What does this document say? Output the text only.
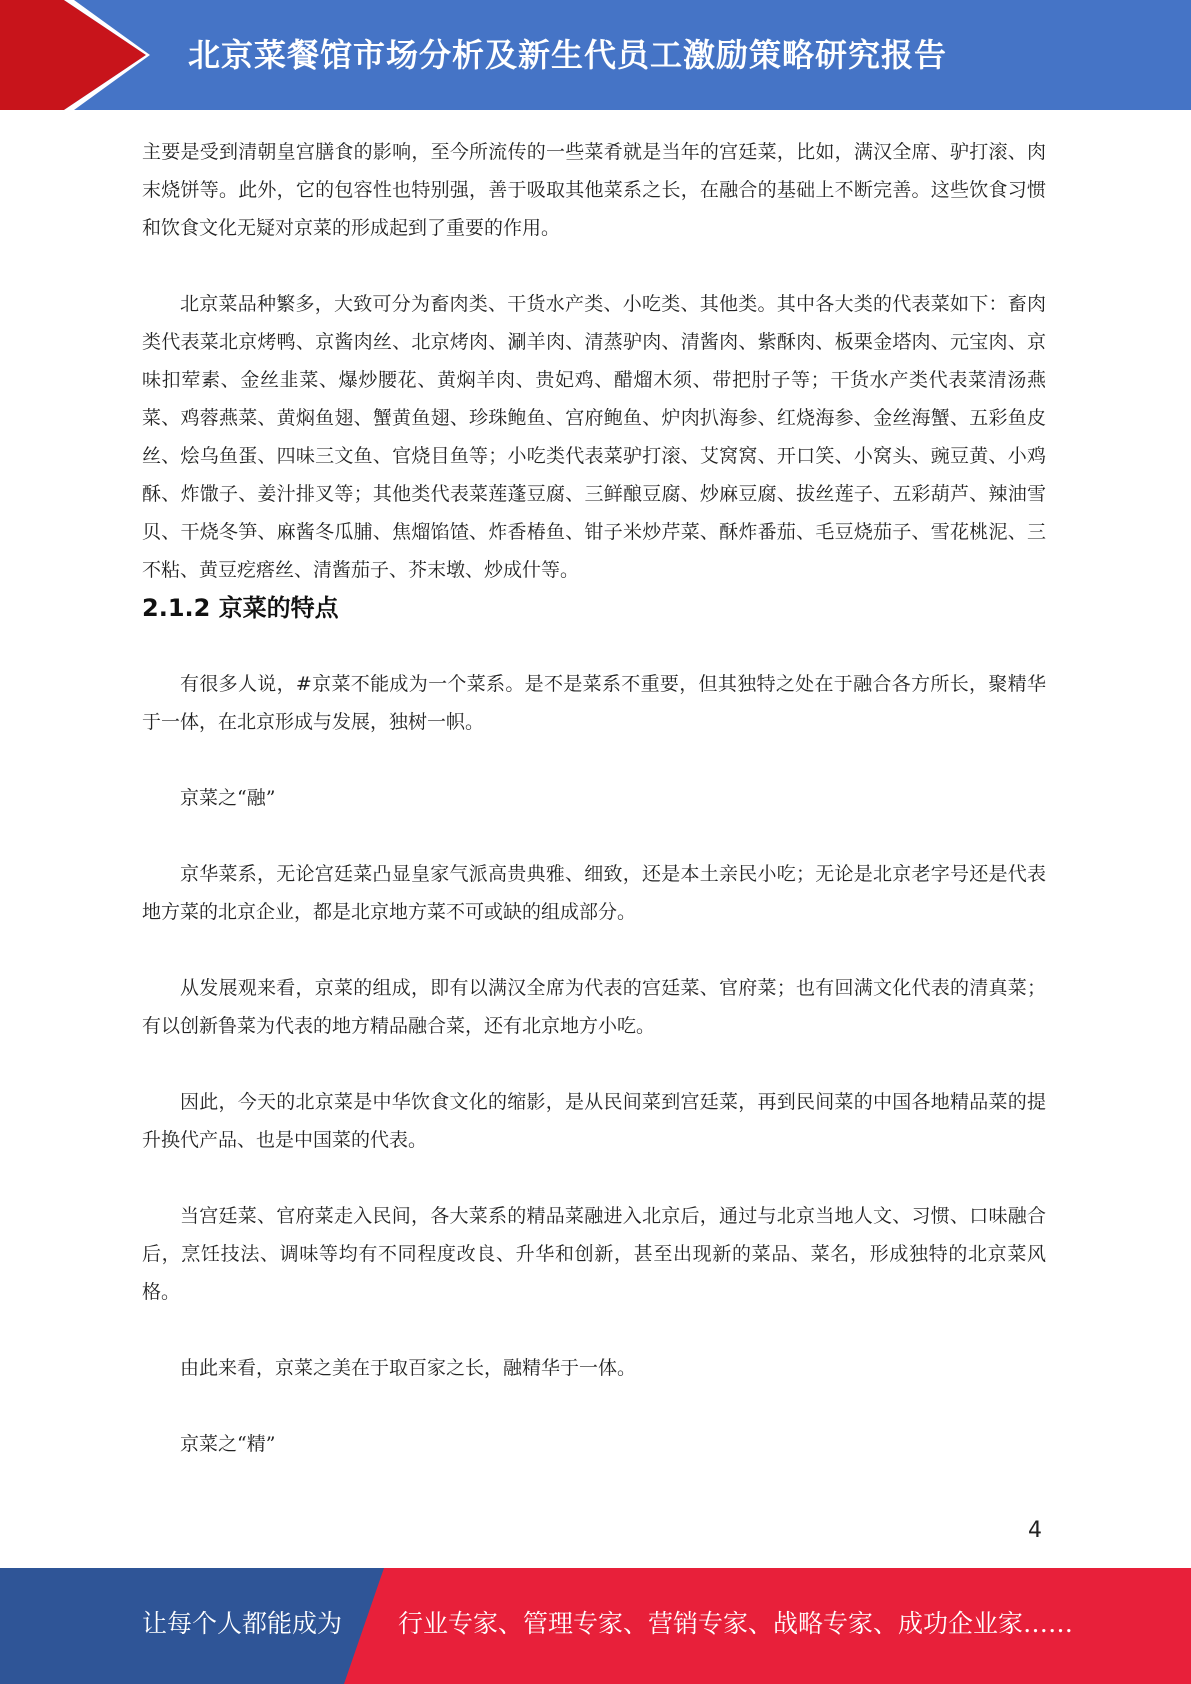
北京菜餐馆市场分析及新生代员工激励策略研究报告

主要是受到清朝皇宫膳食的影响，至今所流传的一些菜肴就是当年的宫廷菜，比如，满汉全席、驴打滚、肉末烧饼等。此外，它的包容性也特别强，善于吸取其他菜系之长，在融合的基础上不断完善。这些饮食习惯和饮食文化无疑对京菜的形成起到了重要的作用。

北京菜品种繁多，大致可分为畜肉类、干货水产类、小吃类、其他类。其中各大类的代表菜如下：畜肉类代表菜北京烤鸭、京酱肉丝、北京烤肉、涮羊肉、清蒸驴肉、清酱肉、紫酥肉、板栗金塔肉、元宝肉、京味扣荤素、金丝韭菜、爆炒腰花、黄焖羊肉、贵妃鸡、醋熘木须、带把肘子等；干货水产类代表菜清汤燕菜、鸡蓉燕菜、黄焖鱼翅、蟹黄鱼翅、珍珠鲍鱼、宫府鲍鱼、炉肉扒海参、红烧海参、金丝海蟹、五彩鱼皮丝、烩乌鱼蛋、四味三文鱼、官烧目鱼等；小吃类代表菜驴打滚、艾窝窝、开口笑、小窝头、豌豆黄、小鸡酥、炸馓子、姜汁排叉等；其他类代表菜莲蓬豆腐、三鲜酿豆腐、炒麻豆腐、拔丝莲子、五彩葫芦、辣油雪贝、干烧冬笋、麻酱冬瓜脯、焦熘馅馇、炸香椿鱼、钳子米炒芹菜、酥炸番茄、毛豆烧茄子、雪花桃泥、三不粘、黄豆疙瘩丝、清酱茄子、芥末墩、炒成什等。

2.1.2 京菜的特点

有很多人说，#京菜不能成为一个菜系。是不是菜系不重要，但其独特之处在于融合各方所长，聚精华于一体，在北京形成与发展，独树一帜。

京菜之“融”

京华菜系，无论宫廷菜凸显皇家气派高贵典雅、细致，还是本土亲民小吃；无论是北京老字号还是代表地方菜的北京企业，都是北京地方菜不可或缺的组成部分。

从发展观来看，京菜的组成，即有以满汉全席为代表的宫廷菜、官府菜；也有回满文化代表的清真菜；有以创新鲁菜为代表的地方精品融合菜，还有北京地方小吃。

因此，今天的北京菜是中华饮食文化的缩影，是从民间菜到宫廷菜，再到民间菜的中国各地精品菜的提升换代产品、也是中国菜的代表。

当宫廷菜、官府菜走入民间，各大菜系的精品菜融进入北京后，通过与北京当地人文、习惯、口味融合后，烹饪技法、调味等均有不同程度改良、升华和创新，甚至出现新的菜品、菜名，形成独特的北京菜风格。

由此来看，京菜之美在于取百家之长，融精华于一体。

京菜之“精”

4
让每个人都能成为 行业专家、管理专家、营销专家、战略专家、成功企业家……
